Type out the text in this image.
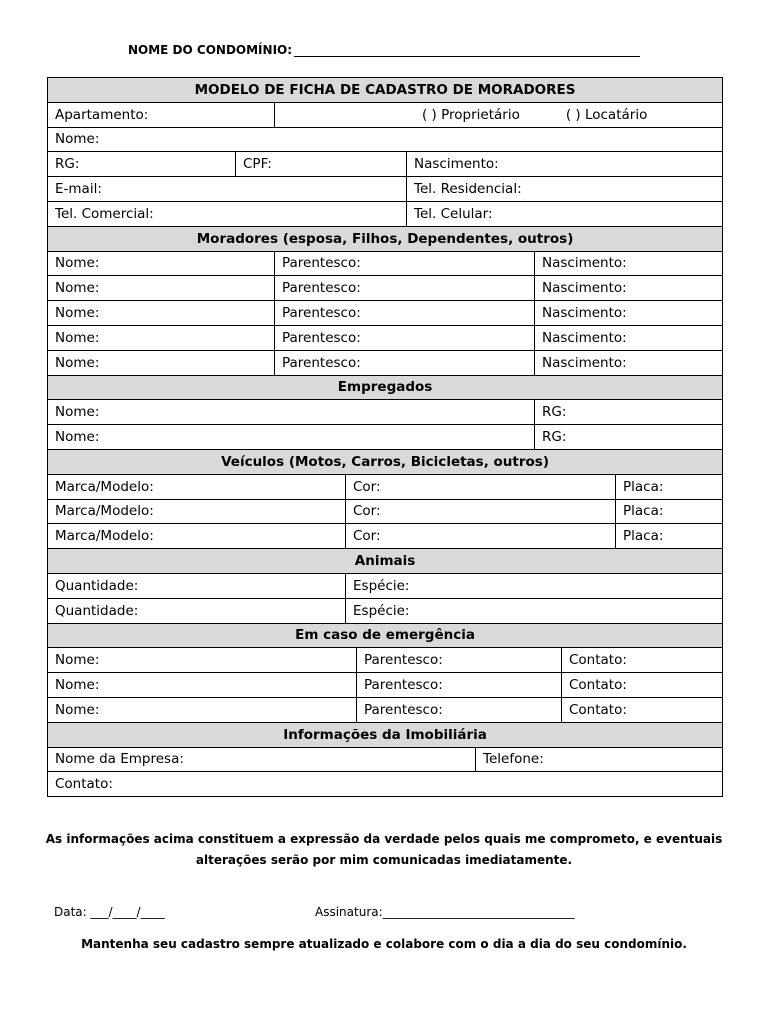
NOME DO CONDOMÍNIO:
MODELO DE FICHA DE CADASTRO DE MORADORES									
Apartamento:		( ) Proprietário ( ) Locatário							
Nome:									
RG:	CPF:				Nascimento:				
E-mail:					Tel. Residencial:				
Tel. Comercial:					Tel. Celular:				
Moradores (esposa, Filhos, Dependentes, outros)									
Nome:		Parentesco:					Nascimento:		
Nome:		Parentesco:					Nascimento:		
Nome:		Parentesco:					Nascimento:		
Nome:		Parentesco:					Nascimento:		
Nome:		Parentesco:					Nascimento:		
Empregados									
Nome:							RG:		
Nome:							RG:		
Veículos (Motos, Carros, Bicicletas, outros)									
Marca/Modelo:			Cor:						Placa:
Marca/Modelo:			Cor:						Placa:
Marca/Modelo:			Cor:						Placa:
Animais									
Quantidade:			Espécie:						
Quantidade:			Espécie:						
Em caso de emergência									
Nome:				Parentesco:				Contato:	
Nome:				Parentesco:				Contato:	
Nome:				Parentesco:				Contato:	
Informações da Imobiliária									
Nome da Empresa:						Telefone:			
Contato:									
As informações acima constituem a expressão da verdade pelos quais me comprometo, e eventuais
alterações serão por mim comunicadas imediatamente.
Data: ___/____/____	Assinatura:________________________________
Mantenha seu cadastro sempre atualizado e colabore com o dia a dia do seu condomínio.
